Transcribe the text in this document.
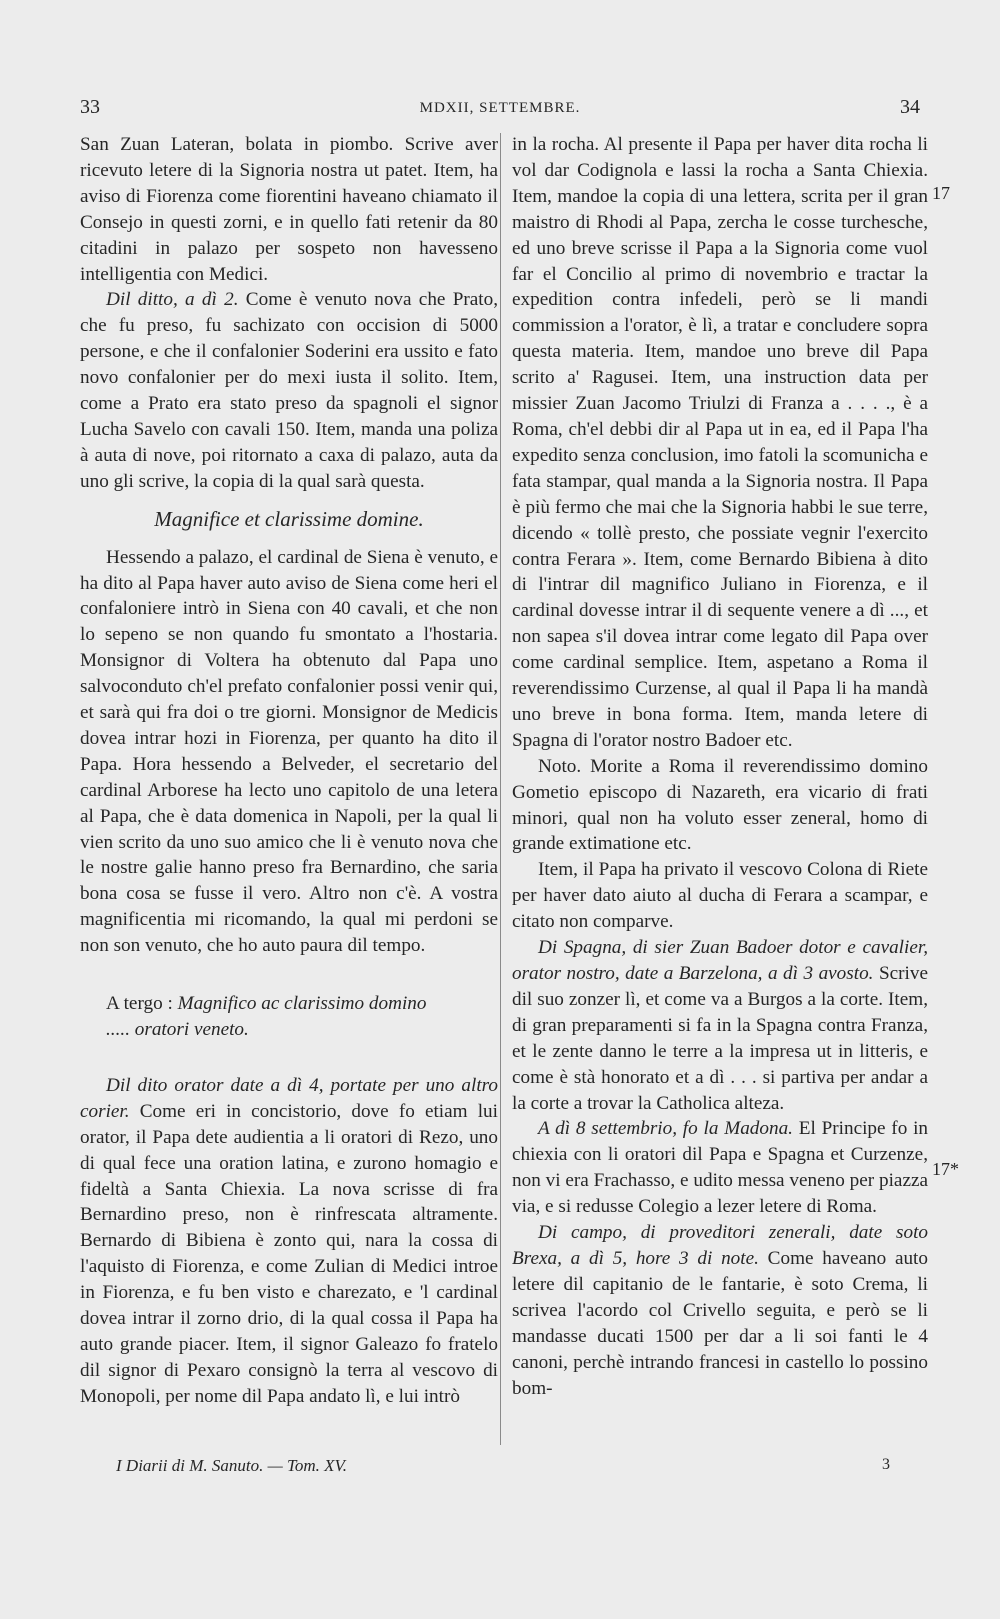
33	MDXII, SETTEMBRE.	34

San Zuan Lateran, bolata in piombo. Scrive aver ricevuto letere di la Signoria nostra ut patet. Item, ha aviso di Fiorenza come fiorentini haveano chiamato il Consejo in questi zorni, e in quello fati retenir da 80 citadini in palazo per sospeto non havesseno intelligentia con Medici.

Dil ditto, a dì 2. Come è venuto nova che Prato, che fu preso, fu sachizato con occision di 5000 persone, e che il confalonier Soderini era ussito e fato novo confalonier per do mexi iusta il solito. Item, come a Prato era stato preso da spagnoli el signor Lucha Savelo con cavali 150. Item, manda una poliza à auta di nove, poi ritornato a caxa di palazo, auta da uno gli scrive, la copia di la qual sarà questa.

Magnifice et clarissime domine.

Hessendo a palazo, el cardinal de Siena è venuto, e ha dito al Papa haver auto aviso de Siena come heri el confaloniere intrò in Siena con 40 cavali, et che non lo sepeno se non quando fu smontato a l'hostaria. Monsignor di Voltera ha obtenuto dal Papa uno salvoconduto ch'el prefato confalonier possi venir qui, et sarà qui fra doi o tre giorni. Monsignor de Medicis dovea intrar hozi in Fiorenza, per quanto ha dito il Papa. Hora hessendo a Belveder, el secretario del cardinal Arborese ha lecto uno capitolo de una letera al Papa, che è data domenica in Napoli, per la qual li vien scrito da uno suo amico che li è venuto nova che le nostre galie hanno preso fra Bernardino, che saria bona cosa se fusse il vero. Altro non c'è. A vostra magnificentia mi ricomando, la qual mi perdoni se non son venuto, che ho auto paura dil tempo.

A tergo : Magnifico ac clarissimo domino

..... oratori veneto.

Dil dito orator date a dì 4, portate per uno altro corier. Come eri in concistorio, dove fo etiam lui orator, il Papa dete audientia a li oratori di Rezo, uno di qual fece una oration latina, e zurono homagio e fideltà a Santa Chiexia. La nova scrisse di fra Bernardino preso, non è rinfrescata altramente. Bernardo di Bibiena è zonto qui, nara la cossa di l'aquisto di Fiorenza, e come Zulian di Medici introe in Fiorenza, e fu ben visto e charezato, e 'l cardinal dovea intrar il zorno drio, di la qual cossa il Papa ha auto grande piacer. Item, il signor Galeazo fo fratelo dil signor di Pexaro consignò la terra al vescovo di Monopoli, per nome dil Papa andato lì, e lui intrò

in la rocha. Al presente il Papa per haver dita rocha li vol dar Codignola e lassi la rocha a Santa Chiexia. Item, mandoe la copia di una lettera, scrita per il gran maistro di Rhodi al Papa, zercha le cosse turchesche, ed uno breve scrisse il Papa a la Signoria come vuol far el Concilio al primo di novembrio e tractar la expedition contra infedeli, però se li mandi commission a l'orator, è lì, a tratar e concludere sopra questa materia. Item, mandoe uno breve dil Papa scrito a' Ragusei. Item, una instruction data per missier Zuan Jacomo Triulzi di Franza a . . . ., è a Roma, ch'el debbi dir al Papa ut in ea, ed il Papa l'ha expedito senza conclusion, imo fatoli la scomunicha e fata stampar, qual manda a la Signoria nostra. Il Papa è più fermo che mai che la Signoria habbi le sue terre, dicendo « tollè presto, che possiate vegnir l'exercito contra Ferara ». Item, come Bernardo Bibiena à dito di l'intrar dil magnifico Juliano in Fiorenza, e il cardinal dovesse intrar il di sequente venere a dì ..., et non sapea s'il dovea intrar come legato dil Papa over come cardinal semplice. Item, aspetano a Roma il reverendissimo Curzense, al qual il Papa li ha mandà uno breve in bona forma. Item, manda letere di Spagna di l'orator nostro Badoer etc.

Noto. Morite a Roma il reverendissimo domino Gometio episcopo di Nazareth, era vicario di frati minori, qual non ha voluto esser zeneral, homo di grande extimatione etc.

Item, il Papa ha privato il vescovo Colona di Riete per haver dato aiuto al ducha di Ferara a scampar, e citato non comparve.

Di Spagna, di sier Zuan Badoer dotor e cavalier, orator nostro, date a Barzelona, a dì 3 avosto. Scrive dil suo zonzer lì, et come va a Burgos a la corte. Item, di gran preparamenti si fa in la Spagna contra Franza, et le zente danno le terre a la impresa ut in litteris, e come è stà honorato et a dì . . . si partiva per andar a la corte a trovar la Catholica alteza.

A dì 8 settembrio, fo la Madona. El Principe fo in chiexia con li oratori dil Papa e Spagna et Curzenze, non vi era Frachasso, e udito messa veneno per piazza via, e si redusse Colegio a lezer letere di Roma.

Di campo, di proveditori zenerali, date soto Brexa, a dì 5, hore 3 di note. Come haveano auto letere dil capitanio de le fantarie, è soto Crema, li scrivea l'acordo col Crivello seguita, e però se li mandasse ducati 1500 per dar a li soi fanti le 4 canoni, perchè intrando francesi in castello lo possino bom-

17
17*
I Diarii di M. Sanuto. — Tom. XV.	3
